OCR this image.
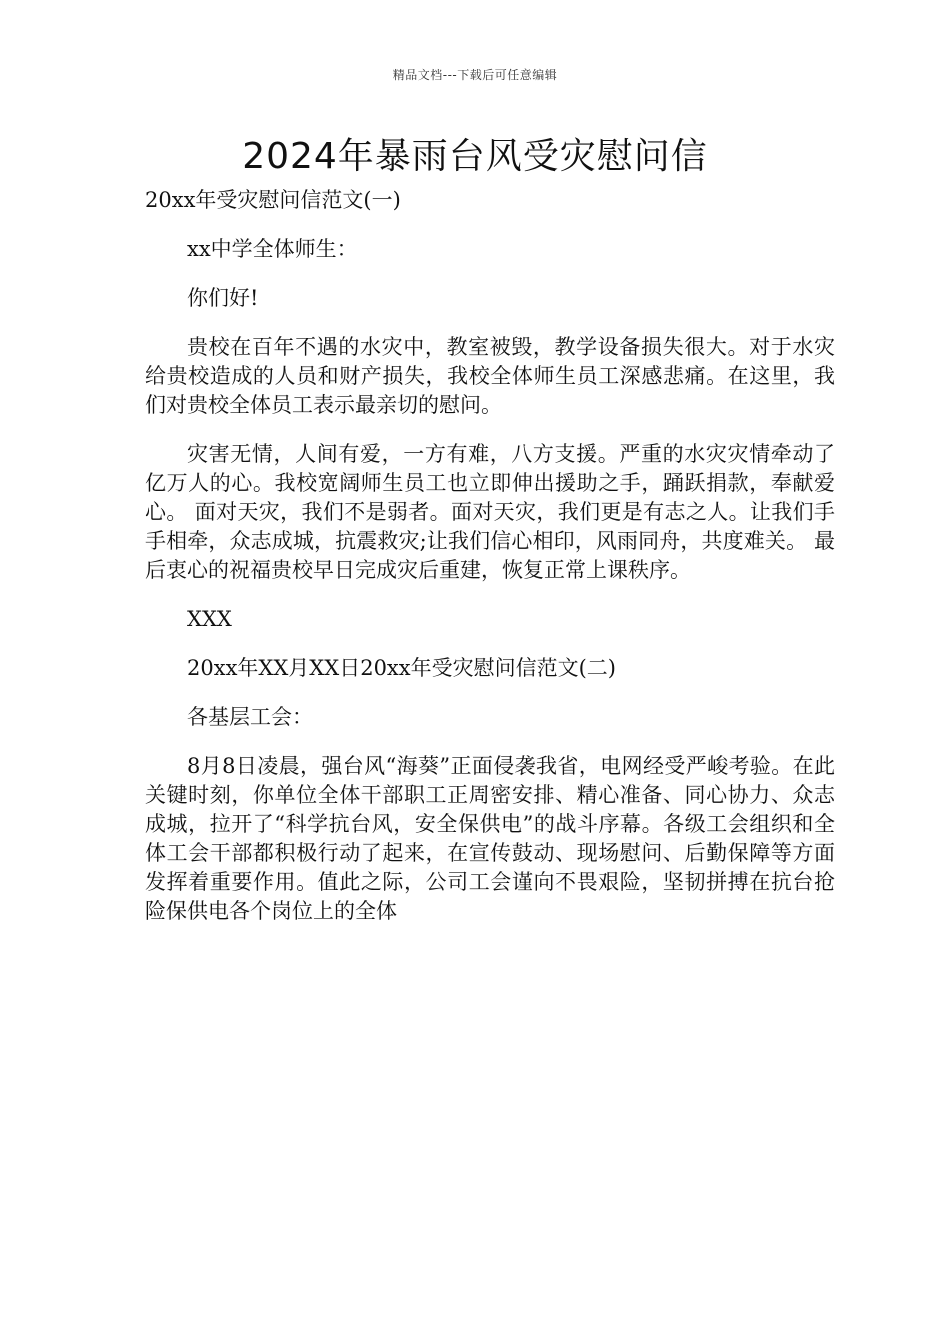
精品文档---下载后可任意编辑
2024年暴雨台风受灾慰问信

20xx年受灾慰问信范文(一)

xx中学全体师生：

你们好!

贵校在百年不遇的水灾中，教室被毁，教学设备损失很大。对于水灾给贵校造成的人员和财产损失，我校全体师生员工深感悲痛。在这里，我们对贵校全体员工表示最亲切的慰问。

灾害无情，人间有爱，一方有难，八方支援。严重的水灾灾情牵动了亿万人的心。我校宽阔师生员工也立即伸出援助之手，踊跃捐款，奉献爱心。 面对天灾，我们不是弱者。面对天灾，我们更是有志之人。让我们手手相牵，众志成城，抗震救灾;让我们信心相印，风雨同舟，共度难关。 最后衷心的祝福贵校早日完成灾后重建，恢复正常上课秩序。

XXX

20xx年XX月XX日20xx年受灾慰问信范文(二)

各基层工会：

8月8日凌晨，强台风“海葵”正面侵袭我省，电网经受严峻考验。在此关键时刻，你单位全体干部职工正周密安排、精心准备、同心协力、众志成城，拉开了“科学抗台风，安全保供电”的战斗序幕。各级工会组织和全体工会干部都积极行动了起来，在宣传鼓动、现场慰问、后勤保障等方面发挥着重要作用。值此之际，公司工会谨向不畏艰险，坚韧拼搏在抗台抢险保供电各个岗位上的全体
